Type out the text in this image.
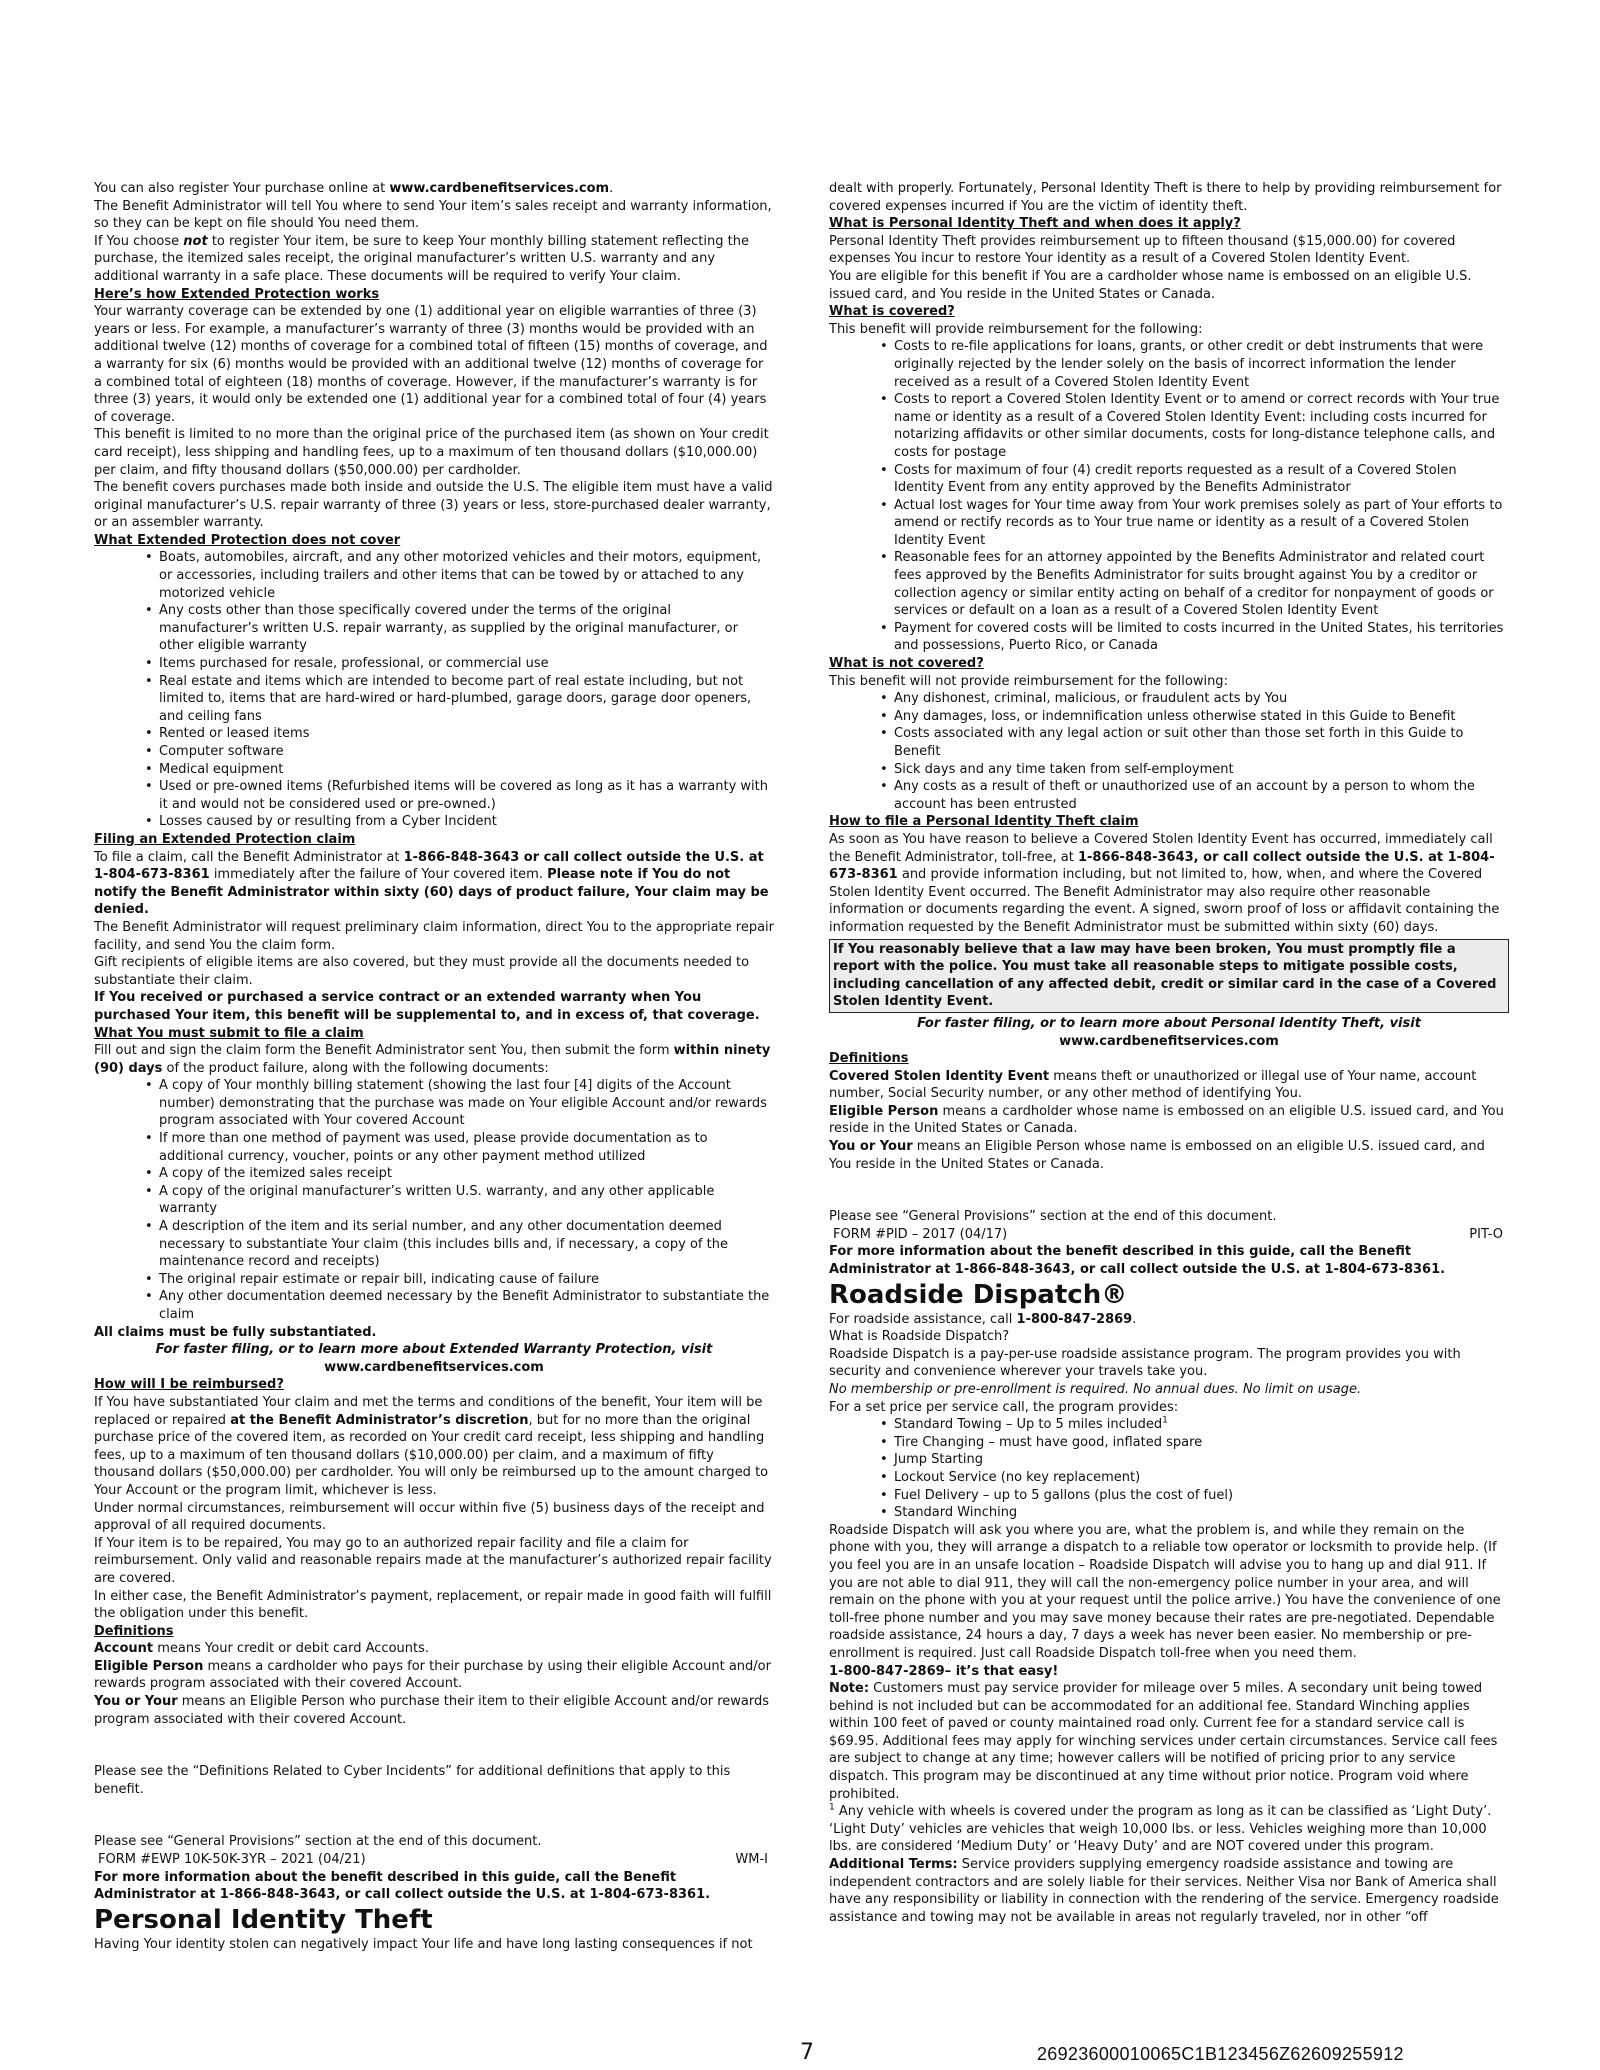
You can also register Your purchase online at www.cardbenefitservices.com.

The Benefit Administrator will tell You where to send Your item’s sales receipt and warranty information, so they can be kept on file should You need them.

If You choose not to register Your item, be sure to keep Your monthly billing statement reflecting the purchase, the itemized sales receipt, the original manufacturer’s written U.S. warranty and any additional warranty in a safe place. These documents will be required to verify Your claim.

Here’s how Extended Protection works

Your warranty coverage can be extended by one (1) additional year on eligible warranties of three (3) years or less. For example, a manufacturer’s warranty of three (3) months would be provided with an additional twelve (12) months of coverage for a combined total of fifteen (15) months of coverage, and a warranty for six (6) months would be provided with an additional twelve (12) months of coverage for a combined total of eighteen (18) months of coverage. However, if the manufacturer’s warranty is for three (3) years, it would only be extended one (1) additional year for a combined total of four (4) years of coverage.

This benefit is limited to no more than the original price of the purchased item (as shown on Your credit card receipt), less shipping and handling fees, up to a maximum of ten thousand dollars ($10,000.00) per claim, and fifty thousand dollars ($50,000.00) per cardholder.

The benefit covers purchases made both inside and outside the U.S. The eligible item must have a valid original manufacturer’s U.S. repair warranty of three (3) years or less, store-purchased dealer warranty, or an assembler warranty.

What Extended Protection does not cover

• Boats, automobiles, aircraft, and any other motorized vehicles and their motors, equipment, or accessories, including trailers and other items that can be towed by or attached to any motorized vehicle
• Any costs other than those specifically covered under the terms of the original manufacturer’s written U.S. repair warranty, as supplied by the original manufacturer, or other eligible warranty
• Items purchased for resale, professional, or commercial use
• Real estate and items which are intended to become part of real estate including, but not limited to, items that are hard-wired or hard-plumbed, garage doors, garage door openers, and ceiling fans
• Rented or leased items
• Computer software
• Medical equipment
• Used or pre-owned items (Refurbished items will be covered as long as it has a warranty with it and would not be considered used or pre-owned.)
• Losses caused by or resulting from a Cyber Incident

Filing an Extended Protection claim

To file a claim, call the Benefit Administrator at 1-866-848-3643 or call collect outside the U.S. at 1-804-673-8361 immediately after the failure of Your covered item. Please note if You do not notify the Benefit Administrator within sixty (60) days of product failure, Your claim may be denied.

The Benefit Administrator will request preliminary claim information, direct You to the appropriate repair facility, and send You the claim form.

Gift recipients of eligible items are also covered, but they must provide all the documents needed to substantiate their claim.

If You received or purchased a service contract or an extended warranty when You purchased Your item, this benefit will be supplemental to, and in excess of, that coverage.

What You must submit to file a claim

Fill out and sign the claim form the Benefit Administrator sent You, then submit the form within ninety (90) days of the product failure, along with the following documents:

• A copy of Your monthly billing statement (showing the last four [4] digits of the Account number) demonstrating that the purchase was made on Your eligible Account and/or rewards program associated with Your covered Account
• If more than one method of payment was used, please provide documentation as to additional currency, voucher, points or any other payment method utilized
• A copy of the itemized sales receipt
• A copy of the original manufacturer’s written U.S. warranty, and any other applicable warranty
• A description of the item and its serial number, and any other documentation deemed necessary to substantiate Your claim (this includes bills and, if necessary, a copy of the maintenance record and receipts)
• The original repair estimate or repair bill, indicating cause of failure
• Any other documentation deemed necessary by the Benefit Administrator to substantiate the claim

All claims must be fully substantiated.

For faster filing, or to learn more about Extended Warranty Protection, visit

www.cardbenefitservices.com

How will I be reimbursed?

If You have substantiated Your claim and met the terms and conditions of the benefit, Your item will be replaced or repaired at the Benefit Administrator’s discretion, but for no more than the original purchase price of the covered item, as recorded on Your credit card receipt, less shipping and handling fees, up to a maximum of ten thousand dollars ($10,000.00) per claim, and a maximum of fifty thousand dollars ($50,000.00) per cardholder. You will only be reimbursed up to the amount charged to Your Account or the program limit, whichever is less.

Under normal circumstances, reimbursement will occur within five (5) business days of the receipt and approval of all required documents.

If Your item is to be repaired, You may go to an authorized repair facility and file a claim for reimbursement. Only valid and reasonable repairs made at the manufacturer’s authorized repair facility are covered.

In either case, the Benefit Administrator’s payment, replacement, or repair made in good faith will fulfill the obligation under this benefit.

Definitions

Account means Your credit or debit card Accounts.

Eligible Person means a cardholder who pays for their purchase by using their eligible Account and/or rewards program associated with their covered Account.

You or Your means an Eligible Person who purchase their item to their eligible Account and/or rewards program associated with their covered Account.

Please see the “Definitions Related to Cyber Incidents” for additional definitions that apply to this benefit.

Please see “General Provisions” section at the end of this document.

FORM #EWP 10K-50K-3YR – 2021 (04/21)	WM-I

For more information about the benefit described in this guide, call the Benefit Administrator at 1-866-848-3643, or call collect outside the U.S. at 1-804-673-8361.

Personal Identity Theft

Having Your identity stolen can negatively impact Your life and have long lasting consequences if not

dealt with properly. Fortunately, Personal Identity Theft is there to help by providing reimbursement for covered expenses incurred if You are the victim of identity theft.

What is Personal Identity Theft and when does it apply?

Personal Identity Theft provides reimbursement up to fifteen thousand ($15,000.00) for covered expenses You incur to restore Your identity as a result of a Covered Stolen Identity Event.

You are eligible for this benefit if You are a cardholder whose name is embossed on an eligible U.S. issued card, and You reside in the United States or Canada.

What is covered?

This benefit will provide reimbursement for the following:

• Costs to re-file applications for loans, grants, or other credit or debt instruments that were originally rejected by the lender solely on the basis of incorrect information the lender received as a result of a Covered Stolen Identity Event
• Costs to report a Covered Stolen Identity Event or to amend or correct records with Your true name or identity as a result of a Covered Stolen Identity Event: including costs incurred for notarizing affidavits or other similar documents, costs for long-distance telephone calls, and costs for postage
• Costs for maximum of four (4) credit reports requested as a result of a Covered Stolen Identity Event from any entity approved by the Benefits Administrator
• Actual lost wages for Your time away from Your work premises solely as part of Your efforts to amend or rectify records as to Your true name or identity as a result of a Covered Stolen Identity Event
• Reasonable fees for an attorney appointed by the Benefits Administrator and related court fees approved by the Benefits Administrator for suits brought against You by a creditor or collection agency or similar entity acting on behalf of a creditor for nonpayment of goods or services or default on a loan as a result of a Covered Stolen Identity Event
• Payment for covered costs will be limited to costs incurred in the United States, his territories and possessions, Puerto Rico, or Canada

What is not covered?

This benefit will not provide reimbursement for the following:

• Any dishonest, criminal, malicious, or fraudulent acts by You
• Any damages, loss, or indemnification unless otherwise stated in this Guide to Benefit
• Costs associated with any legal action or suit other than those set forth in this Guide to Benefit
• Sick days and any time taken from self-employment
• Any costs as a result of theft or unauthorized use of an account by a person to whom the account has been entrusted

How to file a Personal Identity Theft claim

As soon as You have reason to believe a Covered Stolen Identity Event has occurred, immediately call the Benefit Administrator, toll-free, at 1-866-848-3643, or call collect outside the U.S. at 1-804-673-8361 and provide information including, but not limited to, how, when, and where the Covered Stolen Identity Event occurred. The Benefit Administrator may also require other reasonable information or documents regarding the event. A signed, sworn proof of loss or affidavit containing the information requested by the Benefit Administrator must be submitted within sixty (60) days.

If You reasonably believe that a law may have been broken, You must promptly file a report with the police. You must take all reasonable steps to mitigate possible costs, including cancellation of any affected debit, credit or similar card in the case of a Covered Stolen Identity Event.

For faster filing, or to learn more about Personal Identity Theft, visit

www.cardbenefitservices.com

Definitions

Covered Stolen Identity Event means theft or unauthorized or illegal use of Your name, account number, Social Security number, or any other method of identifying You.

Eligible Person means a cardholder whose name is embossed on an eligible U.S. issued card, and You reside in the United States or Canada.

You or Your means an Eligible Person whose name is embossed on an eligible U.S. issued card, and You reside in the United States or Canada.

Please see “General Provisions” section at the end of this document.

FORM #PID – 2017 (04/17)	PIT-O

For more information about the benefit described in this guide, call the Benefit Administrator at 1-866-848-3643, or call collect outside the U.S. at 1-804-673-8361.

Roadside Dispatch®

For roadside assistance, call 1-800-847-2869.

What is Roadside Dispatch?

Roadside Dispatch is a pay-per-use roadside assistance program. The program provides you with security and convenience wherever your travels take you.

No membership or pre-enrollment is required. No annual dues. No limit on usage.

For a set price per service call, the program provides:

• Standard Towing – Up to 5 miles included$^1$
• Tire Changing – must have good, inflated spare
• Jump Starting
• Lockout Service (no key replacement)
• Fuel Delivery – up to 5 gallons (plus the cost of fuel)
• Standard Winching

Roadside Dispatch will ask you where you are, what the problem is, and while they remain on the phone with you, they will arrange a dispatch to a reliable tow operator or locksmith to provide help. (If you feel you are in an unsafe location – Roadside Dispatch will advise you to hang up and dial 911. If you are not able to dial 911, they will call the non-emergency police number in your area, and will remain on the phone with you at your request until the police arrive.) You have the convenience of one toll-free phone number and you may save money because their rates are pre-negotiated. Dependable roadside assistance, 24 hours a day, 7 days a week has never been easier. No membership or pre-enrollment is required. Just call Roadside Dispatch toll-free when you need them.

1-800-847-2869– it’s that easy!

Note: Customers must pay service provider for mileage over 5 miles. A secondary unit being towed behind is not included but can be accommodated for an additional fee. Standard Winching applies within 100 feet of paved or county maintained road only. Current fee for a standard service call is $69.95. Additional fees may apply for winching services under certain circumstances. Service call fees are subject to change at any time; however callers will be notified of pricing prior to any service dispatch. This program may be discontinued at any time without prior notice. Program void where prohibited.

$^1$ Any vehicle with wheels is covered under the program as long as it can be classified as ‘Light Duty’. ‘Light Duty’ vehicles are vehicles that weigh 10,000 lbs. or less. Vehicles weighing more than 10,000 lbs. are considered ‘Medium Duty’ or ‘Heavy Duty’ and are NOT covered under this program.

Additional Terms: Service providers supplying emergency roadside assistance and towing are independent contractors and are solely liable for their services. Neither Visa nor Bank of America shall have any responsibility or liability in connection with the rendering of the service. Emergency roadside assistance and towing may not be available in areas not regularly traveled, nor in other “off

7	26923600010065C1B123456Z62609255912
